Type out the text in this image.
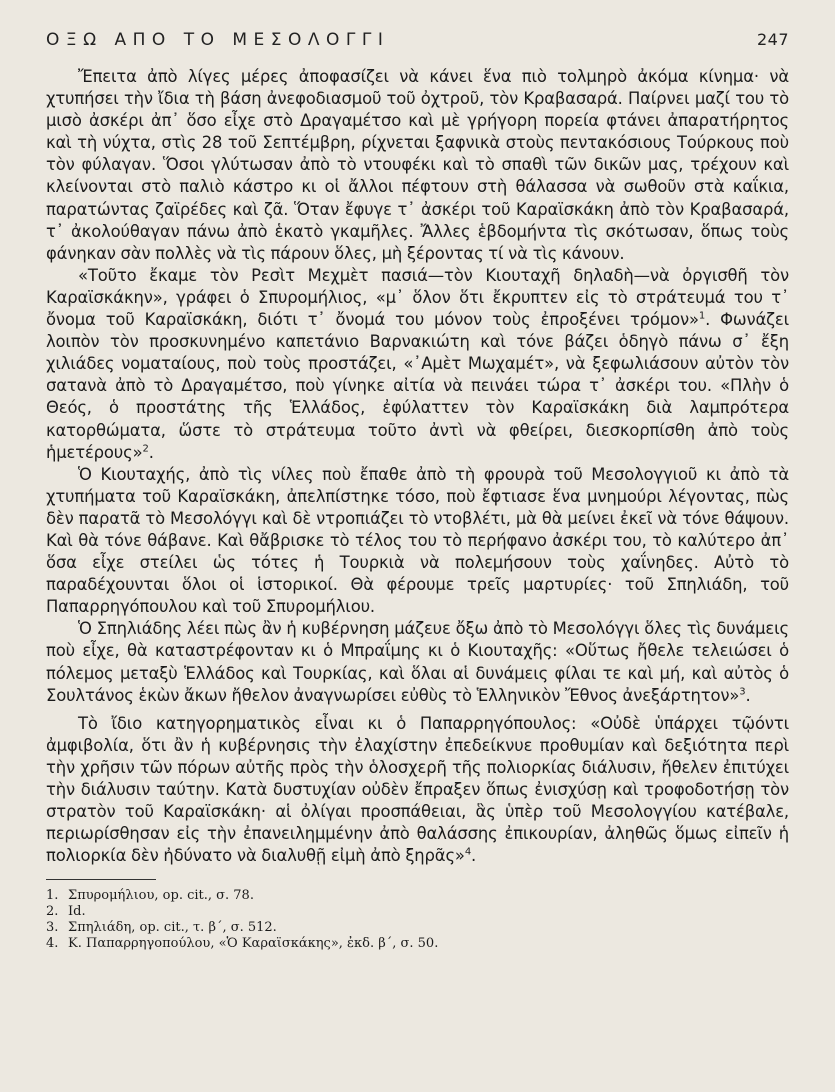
ΟΞΩ ΑΠΟ ΤΟ ΜΕΣΟΛΟΓΓΙ	247

Ἔπειτα ἀπὸ λίγες μέρες ἀποφασίζει νὰ κάνει ἕνα πιὸ τολμηρὸ ἀκόμα κίνημα· νὰ χτυπήσει τὴν ἴδια τὴ βάση ἀνεφοδιασμοῦ τοῦ ὀχτροῦ, τὸν Κραβασαρά. Παίρνει μαζί του τὸ μισὸ ἀσκέρι ἀπ᾿ ὅσο εἶχε στὸ Δραγαμέτσο καὶ μὲ γρήγορη πορεία φτάνει ἀπαρατήρητος καὶ τὴ νύχτα, στὶς 28 τοῦ Σεπτέμβρη, ρίχνεται ξαφνικὰ στοὺς πεντακόσιους Τούρκους ποὺ τὸν φύλαγαν. Ὅσοι γλύτωσαν ἀπὸ τὸ ντουφέκι καὶ τὸ σπαθὶ τῶν δικῶν μας, τρέχουν καὶ κλείνονται στὸ παλιὸ κάστρο κι οἱ ἄλλοι πέφτουν στὴ θάλασσα νὰ σωθοῦν στὰ καΐκια, παρατώντας ζαϊρέδες καὶ ζᾶ. Ὅταν ἔφυγε τ᾿ ἀσκέρι τοῦ Καραϊσκάκη ἀπὸ τὸν Κραβασαρά, τ᾿ ἀκολούθαγαν πάνω ἀπὸ ἑκατὸ γκαμῆλες. Ἄλλες ἑβδομήντα τὶς σκότωσαν, ὅπως τοὺς φάνηκαν σὰν πολλὲς νὰ τὶς πάρουν ὅλες, μὴ ξέροντας τί νὰ τὶς κάνουν.

«Τοῦτο ἔκαμε τὸν Ρεσὶτ Μεχμὲτ πασιά—τὸν Κιουταχῆ δηλαδὴ—νὰ ὀργισθῆ τὸν Καραϊσκάκην», γράφει ὁ Σπυρομήλιος, «μ᾿ ὅλον ὅτι ἔκρυπτεν εἰς τὸ στράτευμά του τ᾿ ὄνομα τοῦ Καραϊσκάκη, διότι τ᾿ ὄνομά του μόνον τοὺς ἐπροξένει τρόμον»$^1$. Φωνάζει λοιπὸν τὸν προσκυνημένο καπετάνιο Βαρνακιώτη καὶ τόνε βάζει ὁδηγὸ πάνω σ᾿ ἔξη χιλιάδες νοματαίους, ποὺ τοὺς προστάζει, «᾿Αμὲτ Μωχαμέτ», νὰ ξεφωλιάσουν αὐτὸν τὸν σατανὰ ἀπὸ τὸ Δραγαμέτσο, ποὺ γίνηκε αἰτία νὰ πεινάει τώρα τ᾿ ἀσκέρι του. «Πλὴν ὁ Θεός, ὁ προστάτης τῆς Ἑλλάδος, ἐφύλαττεν τὸν Καραϊσκάκη διὰ λαμπρότερα κατορθώματα, ὥστε τὸ στράτευμα τοῦτο ἀντὶ νὰ φθείρει, διεσκορπίσθη ἀπὸ τοὺς ἡμετέρους»$^2$.

Ὁ Κιουταχής, ἀπὸ τὶς νίλες ποὺ ἔπαθε ἀπὸ τὴ φρουρὰ τοῦ Μεσολογγιοῦ κι ἀπὸ τὰ χτυπήματα τοῦ Καραϊσκάκη, ἀπελπίστηκε τόσο, ποὺ ἔφτιασε ἕνα μνημούρι λέγοντας, πὼς δὲν παρατᾶ τὸ Μεσολόγγι καὶ δὲ ντροπιάζει τὸ ντοβλέτι, μὰ θὰ μείνει ἐκεῖ νὰ τόνε θάψουν. Καὶ θὰ τόνε θάβανε. Καὶ θἄβρισκε τὸ τέλος του τὸ περήφανο ἀσκέρι του, τὸ καλύτερο ἀπ᾿ ὅσα εἶχε στείλει ὡς τότες ἡ Τουρκιὰ νὰ πολεμήσουν τοὺς χαΐνηδες. Αὐτὸ τὸ παραδέχουνται ὅλοι οἱ ἱστορικοί. Θὰ φέρουμε τρεῖς μαρτυρίες· τοῦ Σπηλιάδη, τοῦ Παπαρρηγόπουλου καὶ τοῦ Σπυρομήλιου.

Ὁ Σπηλιάδης λέει πὼς ἂν ἡ κυβέρνηση μάζευε ὄξω ἀπὸ τὸ Μεσολόγγι ὅλες τὶς δυνάμεις ποὺ εἶχε, θὰ καταστρέφονταν κι ὁ Μπραΐμης κι ὁ Κιουταχῆς: «Οὕτως ἤθελε τελειώσει ὁ πόλεμος μεταξὺ Ἑλλάδος καὶ Τουρκίας, καὶ ὅλαι αἱ δυνάμεις φίλαι τε καὶ μή, καὶ αὐτὸς ὁ Σουλτάνος ἑκὼν ἄκων ἤθελον ἀναγνωρίσει εὐθὺς τὸ Ἑλληνικὸν Ἔθνος ἀνεξάρτητον»$^3$.

Τὸ ἴδιο κατηγορηματικὸς εἶναι κι ὁ Παπαρρηγόπουλος: «Οὐδὲ ὑπάρχει τῷόντι ἀμφιβολία, ὅτι ἂν ἡ κυβέρνησις τὴν ἐλαχίστην ἐπεδείκνυε προθυμίαν καὶ δεξιότητα περὶ τὴν χρῆσιν τῶν πόρων αὐτῆς πρὸς τὴν ὁλοσχερῆ τῆς πολιορκίας διάλυσιν, ἤθελεν ἐπιτύχει τὴν διάλυσιν ταύτην. Κατὰ δυστυχίαν οὐδὲν ἔπραξεν ὅπως ἐνισχύσῃ καὶ τροφοδοτήσῃ τὸν στρατὸν τοῦ Καραϊσκάκη· αἱ ὀλίγαι προσπάθειαι, ἃς ὑπὲρ τοῦ Μεσολογγίου κατέβαλε, περιωρίσθησαν εἰς τὴν ἐπανειλημμένην ἀπὸ θαλάσσης ἐπικουρίαν, ἀληθῶς ὅμως εἰπεῖν ἡ πολιορκία δὲν ἠδύνατο νὰ διαλυθῇ εἰμὴ ἀπὸ ξηρᾶς»$^4$.

1. Σπυρομήλιου, op. cit., σ. 78.
2. Id.
3. Σπηλιάδη, op. cit., τ. β΄, σ. 512.
4. Κ. Παπαρρηγοπούλου, «Ὁ Καραϊσκάκης», ἐκδ. β΄, σ. 50.
